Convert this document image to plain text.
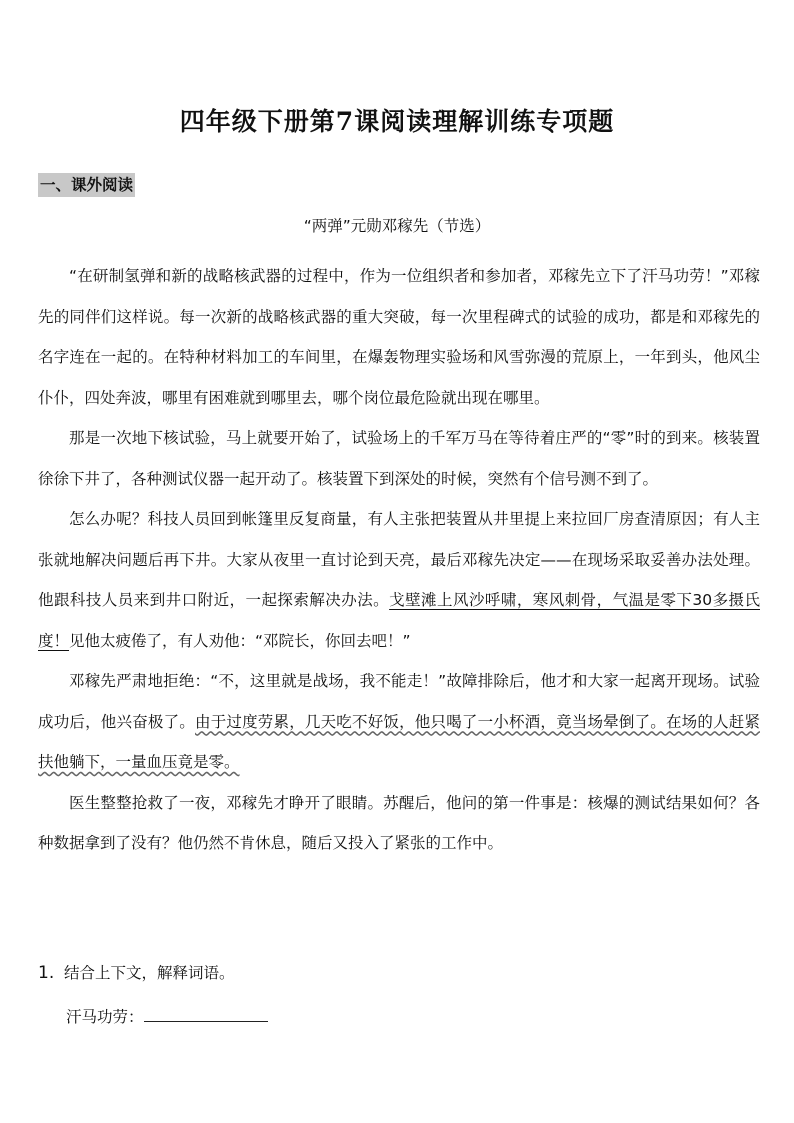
四年级下册第7课阅读理解训练专项题
一、课外阅读
“两弹”元勋邓稼先（节选）

“在研制氢弹和新的战略核武器的过程中，作为一位组织者和参加者，邓稼先立下了汗马功劳！”邓稼先的同伴们这样说。每一次新的战略核武器的重大突破，每一次里程碑式的试验的成功，都是和邓稼先的名字连在一起的。在特种材料加工的车间里，在爆轰物理实验场和风雪弥漫的荒原上，一年到头，他风尘仆仆，四处奔波，哪里有困难就到哪里去，哪个岗位最危险就出现在哪里。

那是一次地下核试验，马上就要开始了，试验场上的千军万马在等待着庄严的“零”时的到来。核装置徐徐下井了，各种测试仪器一起开动了。核装置下到深处的时候，突然有个信号测不到了。

怎么办呢？科技人员回到帐篷里反复商量，有人主张把装置从井里提上来拉回厂房查清原因；有人主张就地解决问题后再下井。大家从夜里一直讨论到天亮，最后邓稼先决定——在现场采取妥善办法处理。他跟科技人员来到井口附近，一起探索解决办法。戈壁滩上风沙呼啸，寒风刺骨，气温是零下30多摄氏度！见他太疲倦了，有人劝他：“邓院长，你回去吧！”

邓稼先严肃地拒绝：“不，这里就是战场，我不能走！”故障排除后，他才和大家一起离开现场。试验成功后，他兴奋极了。由于过度劳累，几天吃不好饭，他只喝了一小杯酒，竟当场晕倒了。在场的人赶紧扶他躺下，一量血压竟是零。

医生整整抢救了一夜，邓稼先才睁开了眼睛。苏醒后，他问的第一件事是：核爆的测试结果如何？各种数据拿到了没有？他仍然不肯休息，随后又投入了紧张的工作中。

1. 结合上下文，解释词语。
汗马功劳：
